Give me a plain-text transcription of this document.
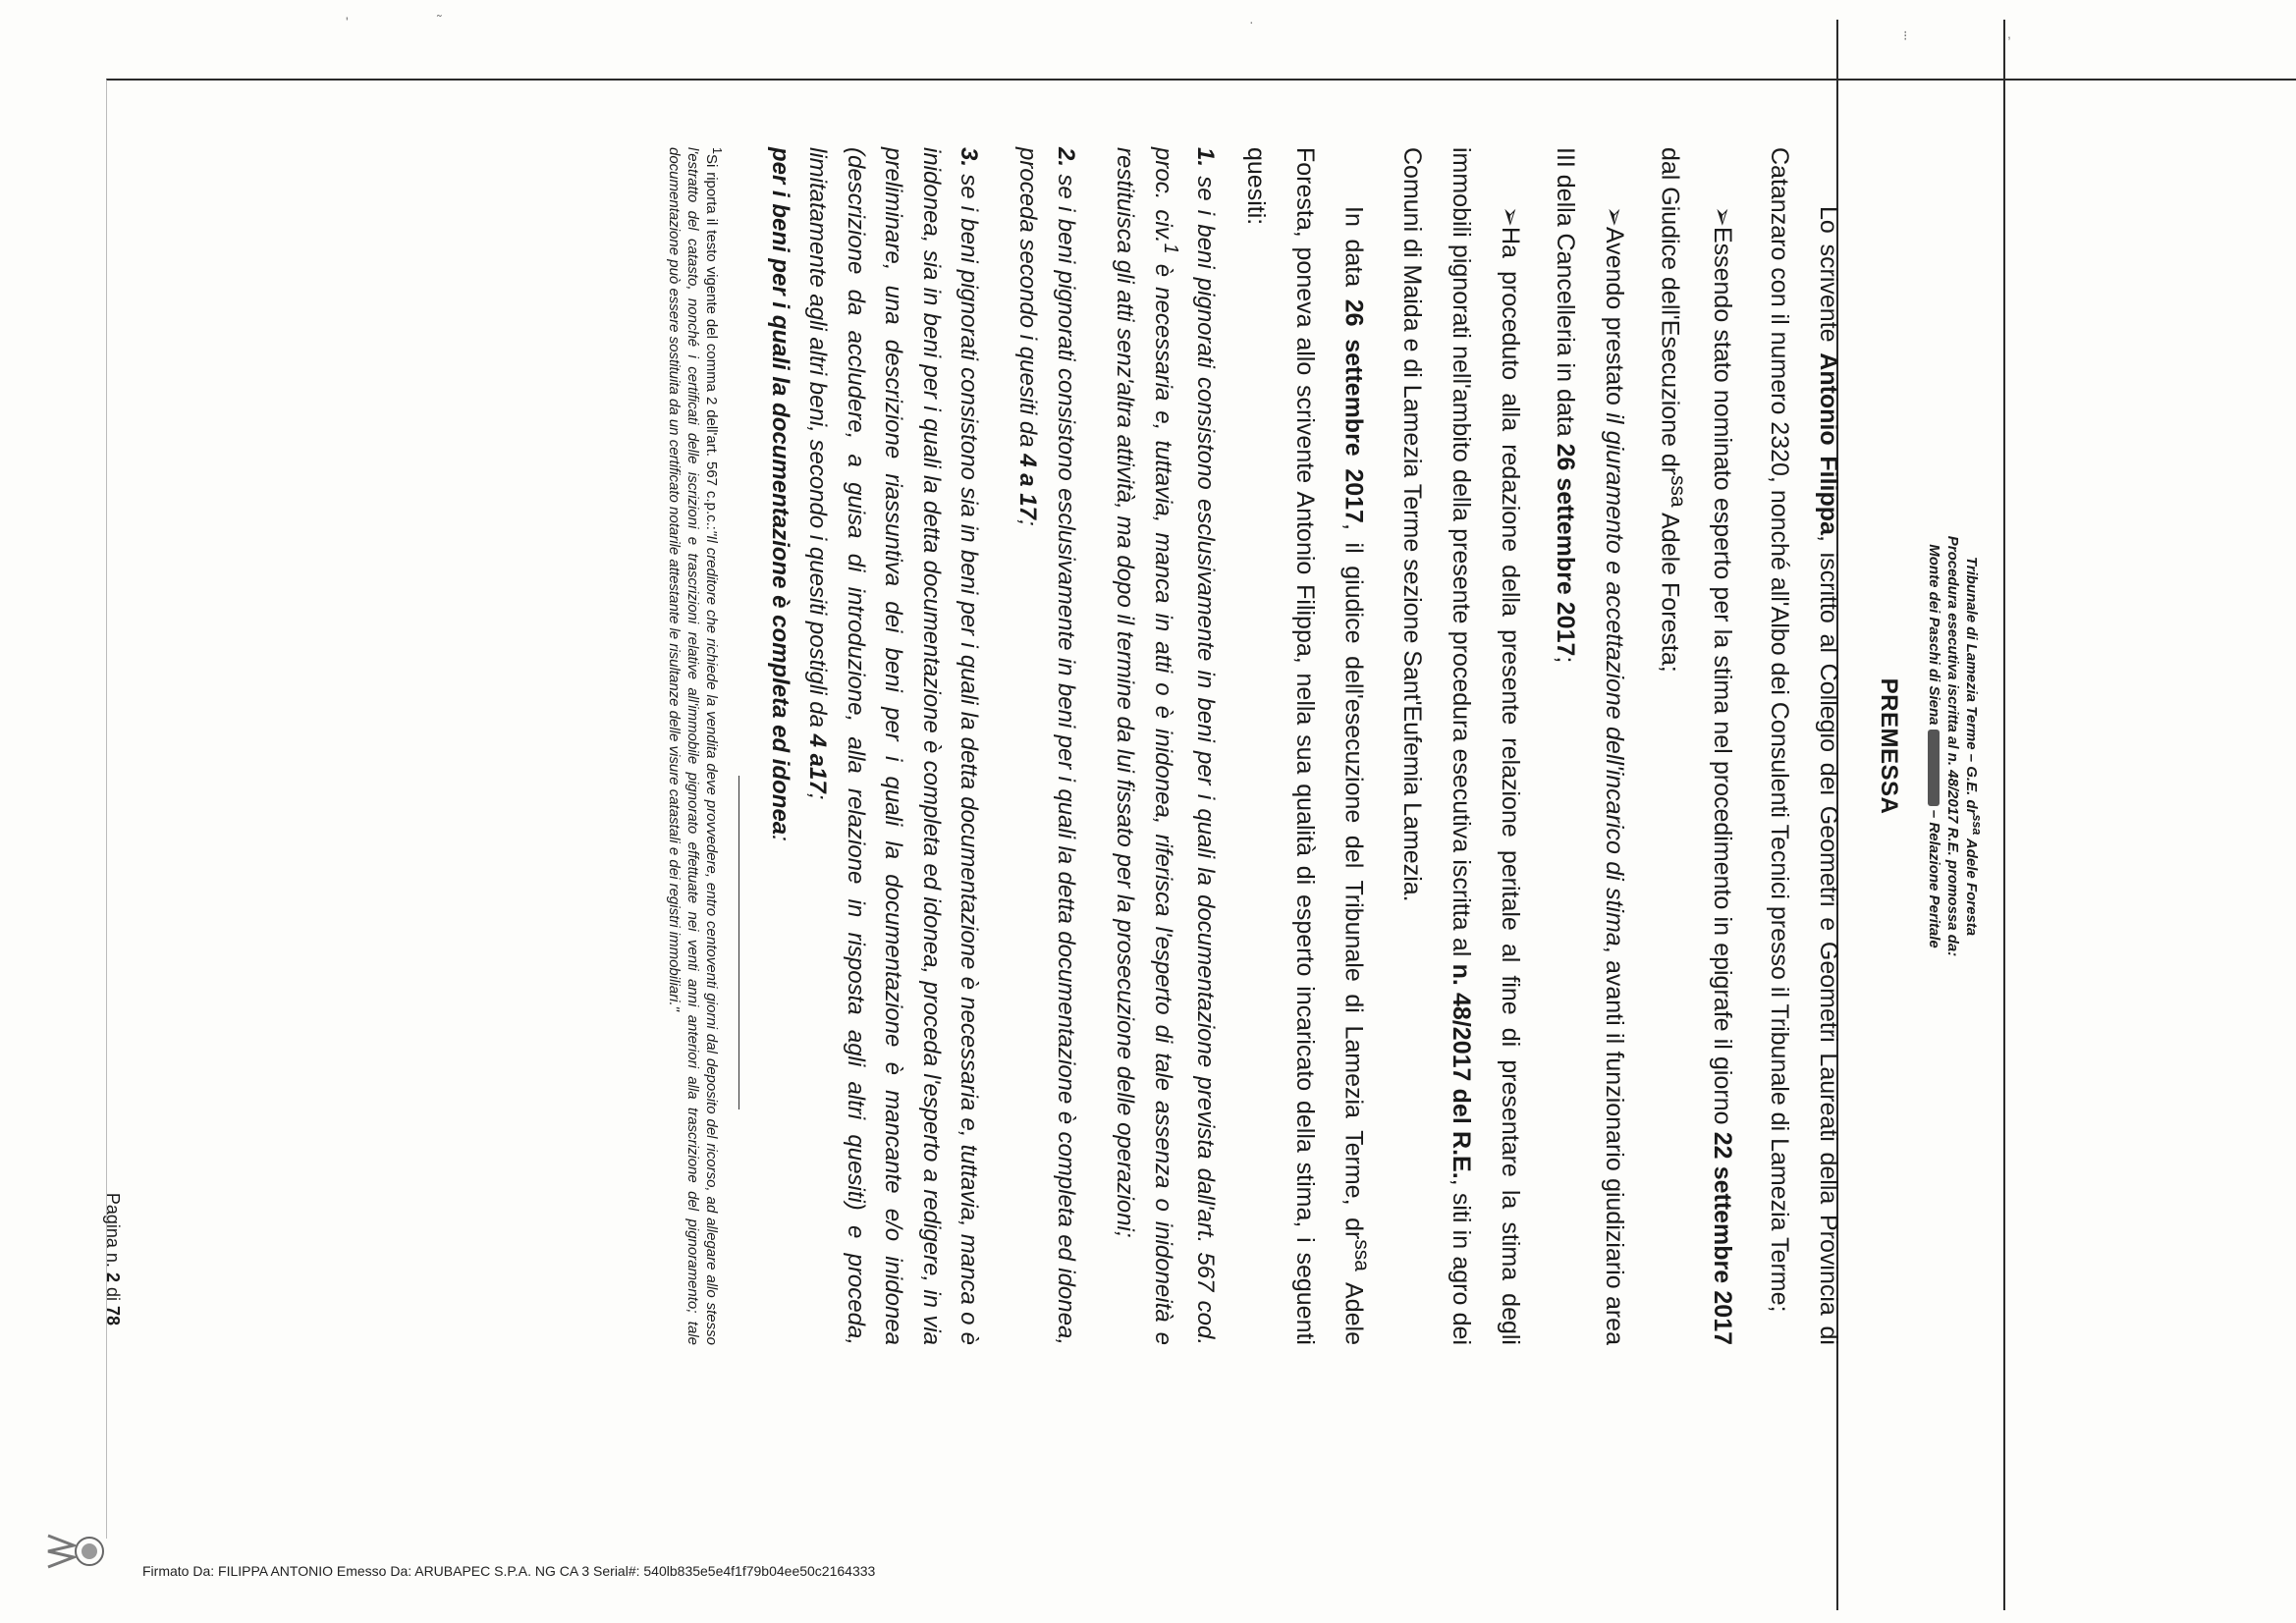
'	˜	·
⁝	,
Tribunale di Lamezia Terme – G.E. $dr^{ssa}$ Adele Foresta
Procedura esecutiva iscritta al n. 48/2017 R.E. promossa da:
Monte dei Paschi di Siena  – Relazione Peritale
PREMESSA

Lo scrivente Antonio Filippa, iscritto al Collegio dei Geometri e Geometri Laureati della Provincia di Catanzaro con il numero 2320, nonché all'Albo dei Consulenti Tecnici presso il Tribunale di Lamezia Terme;

➢Essendo stato nominato esperto per la stima nel procedimento in epigrafe il giorno 22 settembre 2017 dal Giudice dell'Esecuzione $dr^{ssa}$ Adele Foresta;

➢Avendo prestato il giuramento e accettazione dell'incarico di stima, avanti il funzionario giudiziario area III della Cancelleria in data 26 settembre 2017;

➢Ha proceduto alla redazione della presente relazione peritale al fine di presentare la stima degli immobili pignorati nell'ambito della presente procedura esecutiva iscritta al n. 48/2017 del R.E., siti in agro dei Comuni di Maida e di Lamezia Terme sezione Sant'Eufemia Lamezia.

In data 26 settembre 2017, il giudice dell'esecuzione del Tribunale di Lamezia Terme, $dr^{ssa}$ Adele Foresta, poneva allo scrivente Antonio Filippa, nella sua qualità di esperto incaricato della stima, i seguenti quesiti:

1. se i beni pignorati consistono esclusivamente in beni per i quali la documentazione prevista dall'art. 567 cod. proc. civ.$^1$ è necessaria e, tuttavia, manca in atti o è inidonea, riferisca l'esperto di tale assenza o inidoneità e restituisca gli atti senz'altra attività, ma dopo il termine da lui fissato per la prosecuzione delle operazioni;

2. se i beni pignorati consistono esclusivamente in beni per i quali la detta documentazione è completa ed idonea, proceda secondo i quesiti da 4 a 17;

3. se i beni pignorati consistono sia in beni per i quali la detta documentazione è necessaria e, tuttavia, manca o è inidonea, sia in beni per i quali la detta documentazione è completa ed idonea, proceda l'esperto a redigere, in via preliminare, una descrizione riassuntiva dei beni per i quali la documentazione è mancante e/o inidonea (descrizione da accludere, a guisa di introduzione, alla relazione in risposta agli altri quesiti) e proceda, limitatamente agli altri beni, secondo i quesiti postigli da 4 a17;
per i beni per i quali la documentazione è completa ed idonea:

$^1$Si riporta il testo vigente del comma 2 dell'art. 567 c.p.c.:"Il creditore che richiede la vendita deve provvedere, entro centoventi giorni dal deposito del ricorso, ad allegare allo stesso l'estratto del catasto, nonché i certificati delle iscrizioni e trascrizioni relative all'immobile pignorato effettuate nei venti anni anteriori alla trascrizione del pignoramento; tale documentazione può essere sostituita da un certificato notarile attestante le risultanze delle visure catastali e dei registri immobiliari."

Pagina n. 2 di 78
Firmato Da: FILIPPA ANTONIO Emesso Da: ARUBAPEC S.P.A. NG CA 3 Serial#: 540lb835e5e4f1f79b04ee50c2164333
